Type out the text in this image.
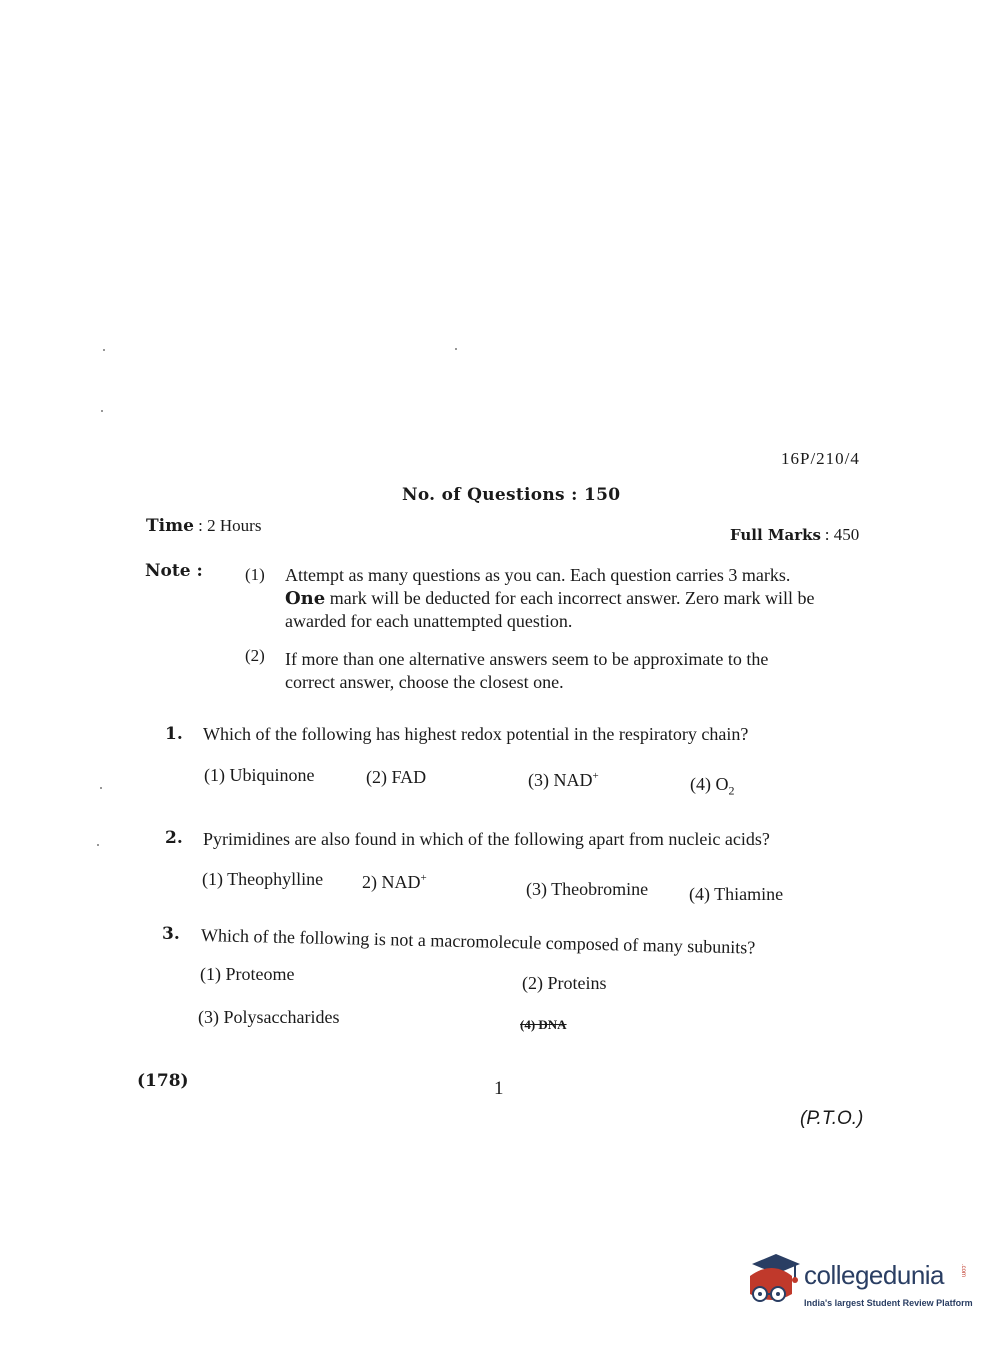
16P/210/4
No. of Questions : 150
Time : 2 Hours	Full Marks : 450
Note : (1) Attempt as many questions as you can. Each question carries 3 marks.
One mark will be deducted for each incorrect answer. Zero mark will be
awarded for each unattempted question.
(2) If more than one alternative answers seem to be approximate to the
correct answer, choose the closest one.
1. Which of the following has highest redox potential in the respiratory chain?
(1) Ubiquinone	(2) FAD	(3) NAD+	(4) $O_2$
2. Pyrimidines are also found in which of the following apart from nucleic acids?
(1) Theophylline 2) NAD+
(3) Theobromine (4) Thiamine
3. Which of the following is not a macromolecule composed of many subunits?
(1) Proteome	(2) Proteins
(3) Polysaccharides	(4) DNA
(178)	1
(P.T.O.)
collegedunia	.com
India's largest Student Review Platform
